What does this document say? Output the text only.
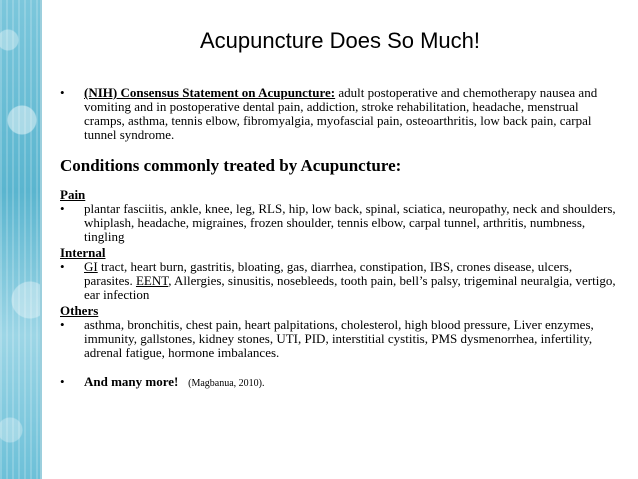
Acupuncture Does So Much!
•	(NIH) Consensus Statement on Acupuncture: adult postoperative and chemotherapy nausea and vomiting and in postoperative dental pain, addiction, stroke rehabilitation, headache, menstrual cramps, asthma, tennis elbow, fibromyalgia, myofascial pain, osteoarthritis, low back pain, carpal tunnel syndrome.
Conditions commonly treated by Acupuncture:
Pain
•	plantar fasciitis, ankle, knee, leg, RLS, hip, low back, spinal, sciatica, neuropathy, neck and shoulders, whiplash, headache, migraines, frozen shoulder, tennis elbow, carpal tunnel, arthritis, numbness, tingling
Internal
•	GI tract, heart burn, gastritis, bloating, gas, diarrhea, constipation, IBS, crones disease, ulcers, parasites. EENT, Allergies, sinusitis, nosebleeds, tooth pain, bell’s palsy, trigeminal neuralgia, vertigo, ear infection
Others
•	asthma, bronchitis, chest pain, heart palpitations, cholesterol, high blood pressure, Liver enzymes, immunity, gallstones, kidney stones, UTI, PID, interstitial cystitis, PMS dysmenorrhea, infertility, adrenal fatigue, hormone imbalances.
•	And many more! (Magbanua, 2010).
